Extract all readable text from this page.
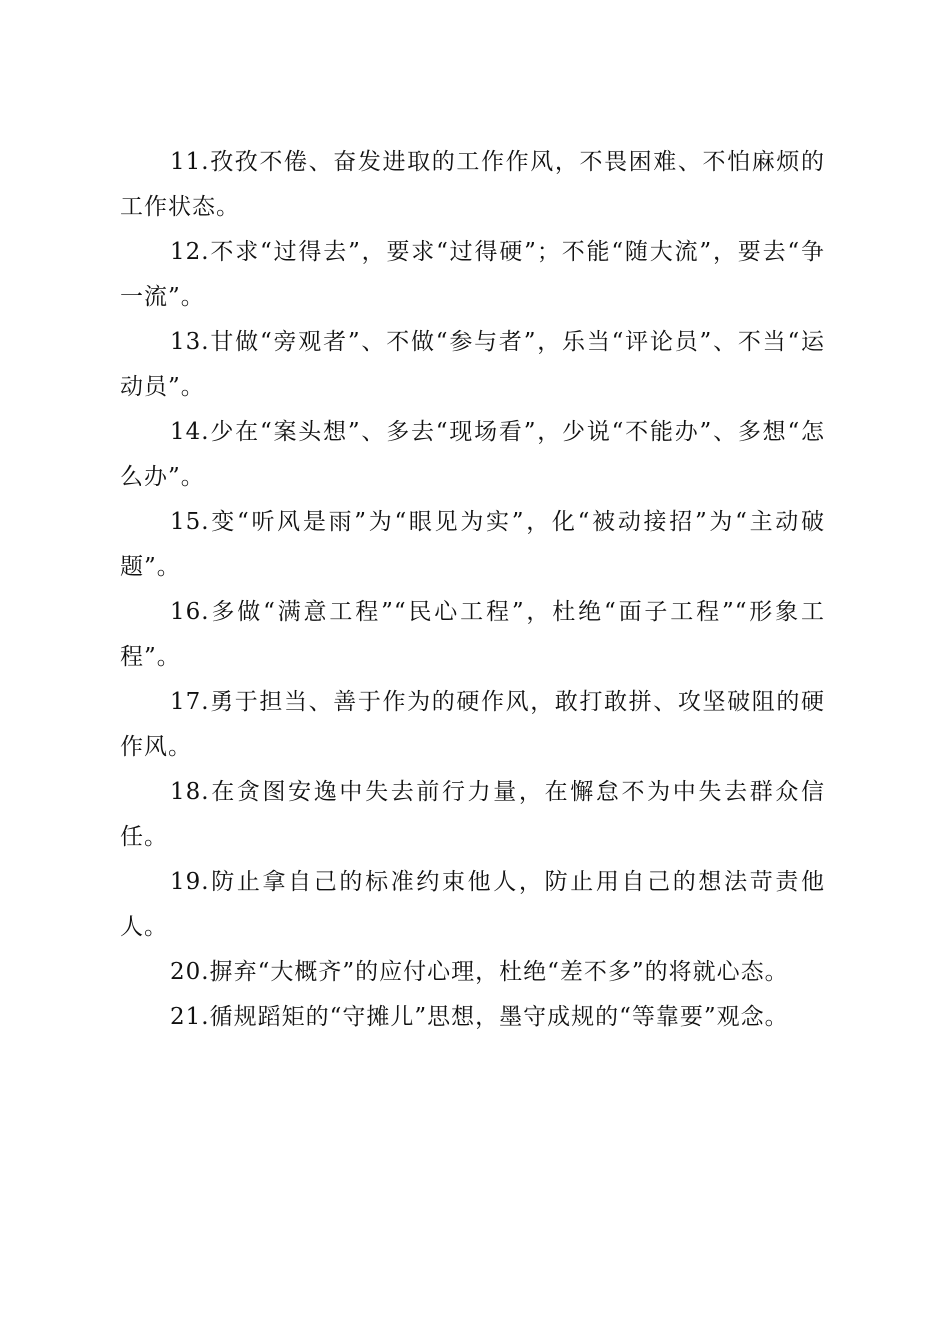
11.孜孜不倦、奋发进取的工作作风，不畏困难、不怕麻烦的工作状态。

12.不求“过得去”，要求“过得硬”；不能“随大流”，要去“争一流”。

13.甘做“旁观者”、不做“参与者”，乐当“评论员”、不当“运动员”。

14.少在“案头想”、多去“现场看”，少说“不能办”、多想“怎么办”。

15.变“听风是雨”为“眼见为实”，化“被动接招”为“主动破题”。

16.多做“满意工程”“民心工程”，杜绝“面子工程”“形象工程”。

17.勇于担当、善于作为的硬作风，敢打敢拼、攻坚破阻的硬作风。

18.在贪图安逸中失去前行力量，在懈怠不为中失去群众信任。

19.防止拿自己的标准约束他人，防止用自己的想法苛责他人。

20.摒弃“大概齐”的应付心理，杜绝“差不多”的将就心态。

21.循规蹈矩的“守摊儿”思想，墨守成规的“等靠要”观念。
